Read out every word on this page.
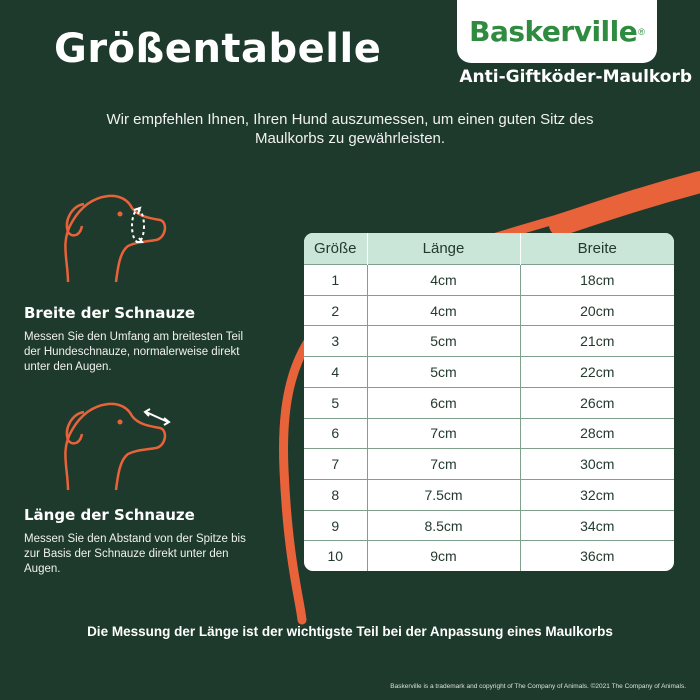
Größentabelle	Baskerville ®
Anti-Giftköder-Maulkorb
Wir empfehlen Ihnen, Ihren Hund auszumessen, um einen guten Sitz des Maulkorbs zu gewährleisten.
Breite der Schnauze
Messen Sie den Umfang am breitesten Teil der Hundeschnauze, normalerweise direkt unter den Augen.
Länge der Schnauze
Messen Sie den Abstand von der Spitze bis zur Basis der Schnauze direkt unter den Augen.
Größe	Länge	Breite
1	4cm	18cm
2	4cm	20cm
3	5cm	21cm
4	5cm	22cm
5	6cm	26cm
6	7cm	28cm
7	7cm	30cm
8	7.5cm	32cm
9	8.5cm	34cm
10	9cm	36cm
Die Messung der Länge ist der wichtigste Teil bei der Anpassung eines Maulkorbs
Baskerville is a trademark and copyright of The Company of Animals. ©2021 The Company of Animals.
